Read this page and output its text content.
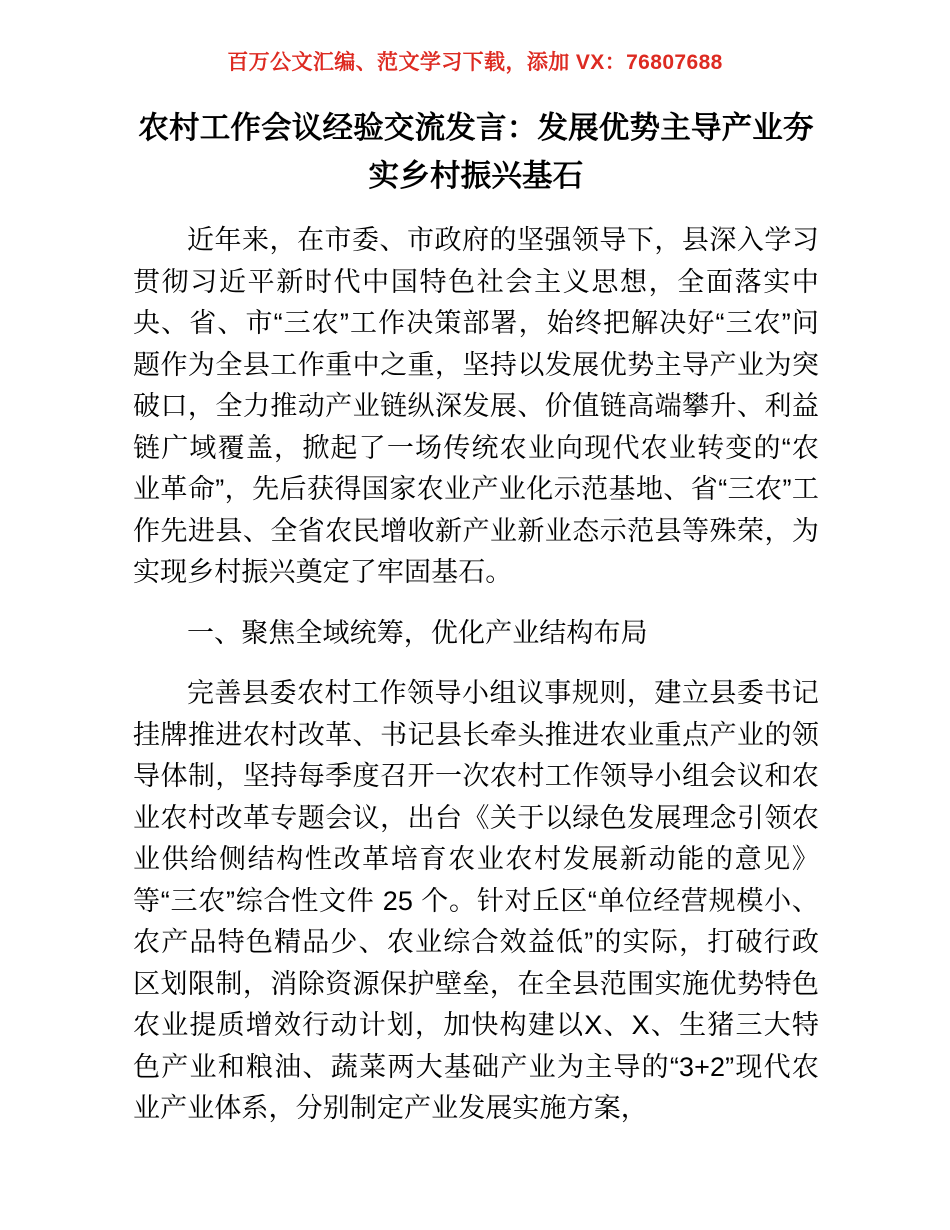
百万公文汇编、范文学习下载，添加 VX：76807688
农村工作会议经验交流发言：发展优势主导产业夯实乡村振兴基石

近年来，在市委、市政府的坚强领导下，县深入学习贯彻习近平新时代中国特色社会主义思想，全面落实中央、省、市“三农”工作决策部署，始终把解决好“三农”问题作为全县工作重中之重，坚持以发展优势主导产业为突破口，全力推动产业链纵深发展、价值链高端攀升、利益链广域覆盖，掀起了一场传统农业向现代农业转变的“农业革命”，先后获得国家农业产业化示范基地、省“三农”工作先进县、全省农民增收新产业新业态示范县等殊荣，为实现乡村振兴奠定了牢固基石。

一、聚焦全域统筹，优化产业结构布局

完善县委农村工作领导小组议事规则，建立县委书记挂牌推进农村改革、书记县长牵头推进农业重点产业的领导体制，坚持每季度召开一次农村工作领导小组会议和农业农村改革专题会议，出台《关于以绿色发展理念引领农业供给侧结构性改革培育农业农村发展新动能的意见》等“三农”综合性文件 25 个。针对丘区“单位经营规模小、农产品特色精品少、农业综合效益低”的实际，打破行政区划限制，消除资源保护壁垒，在全县范围实施优势特色农业提质增效行动计划，加快构建以X、X、生猪三大特色产业和粮油、蔬菜两大基础产业为主导的“3+2”现代农业产业体系，分别制定产业发展实施方案，
